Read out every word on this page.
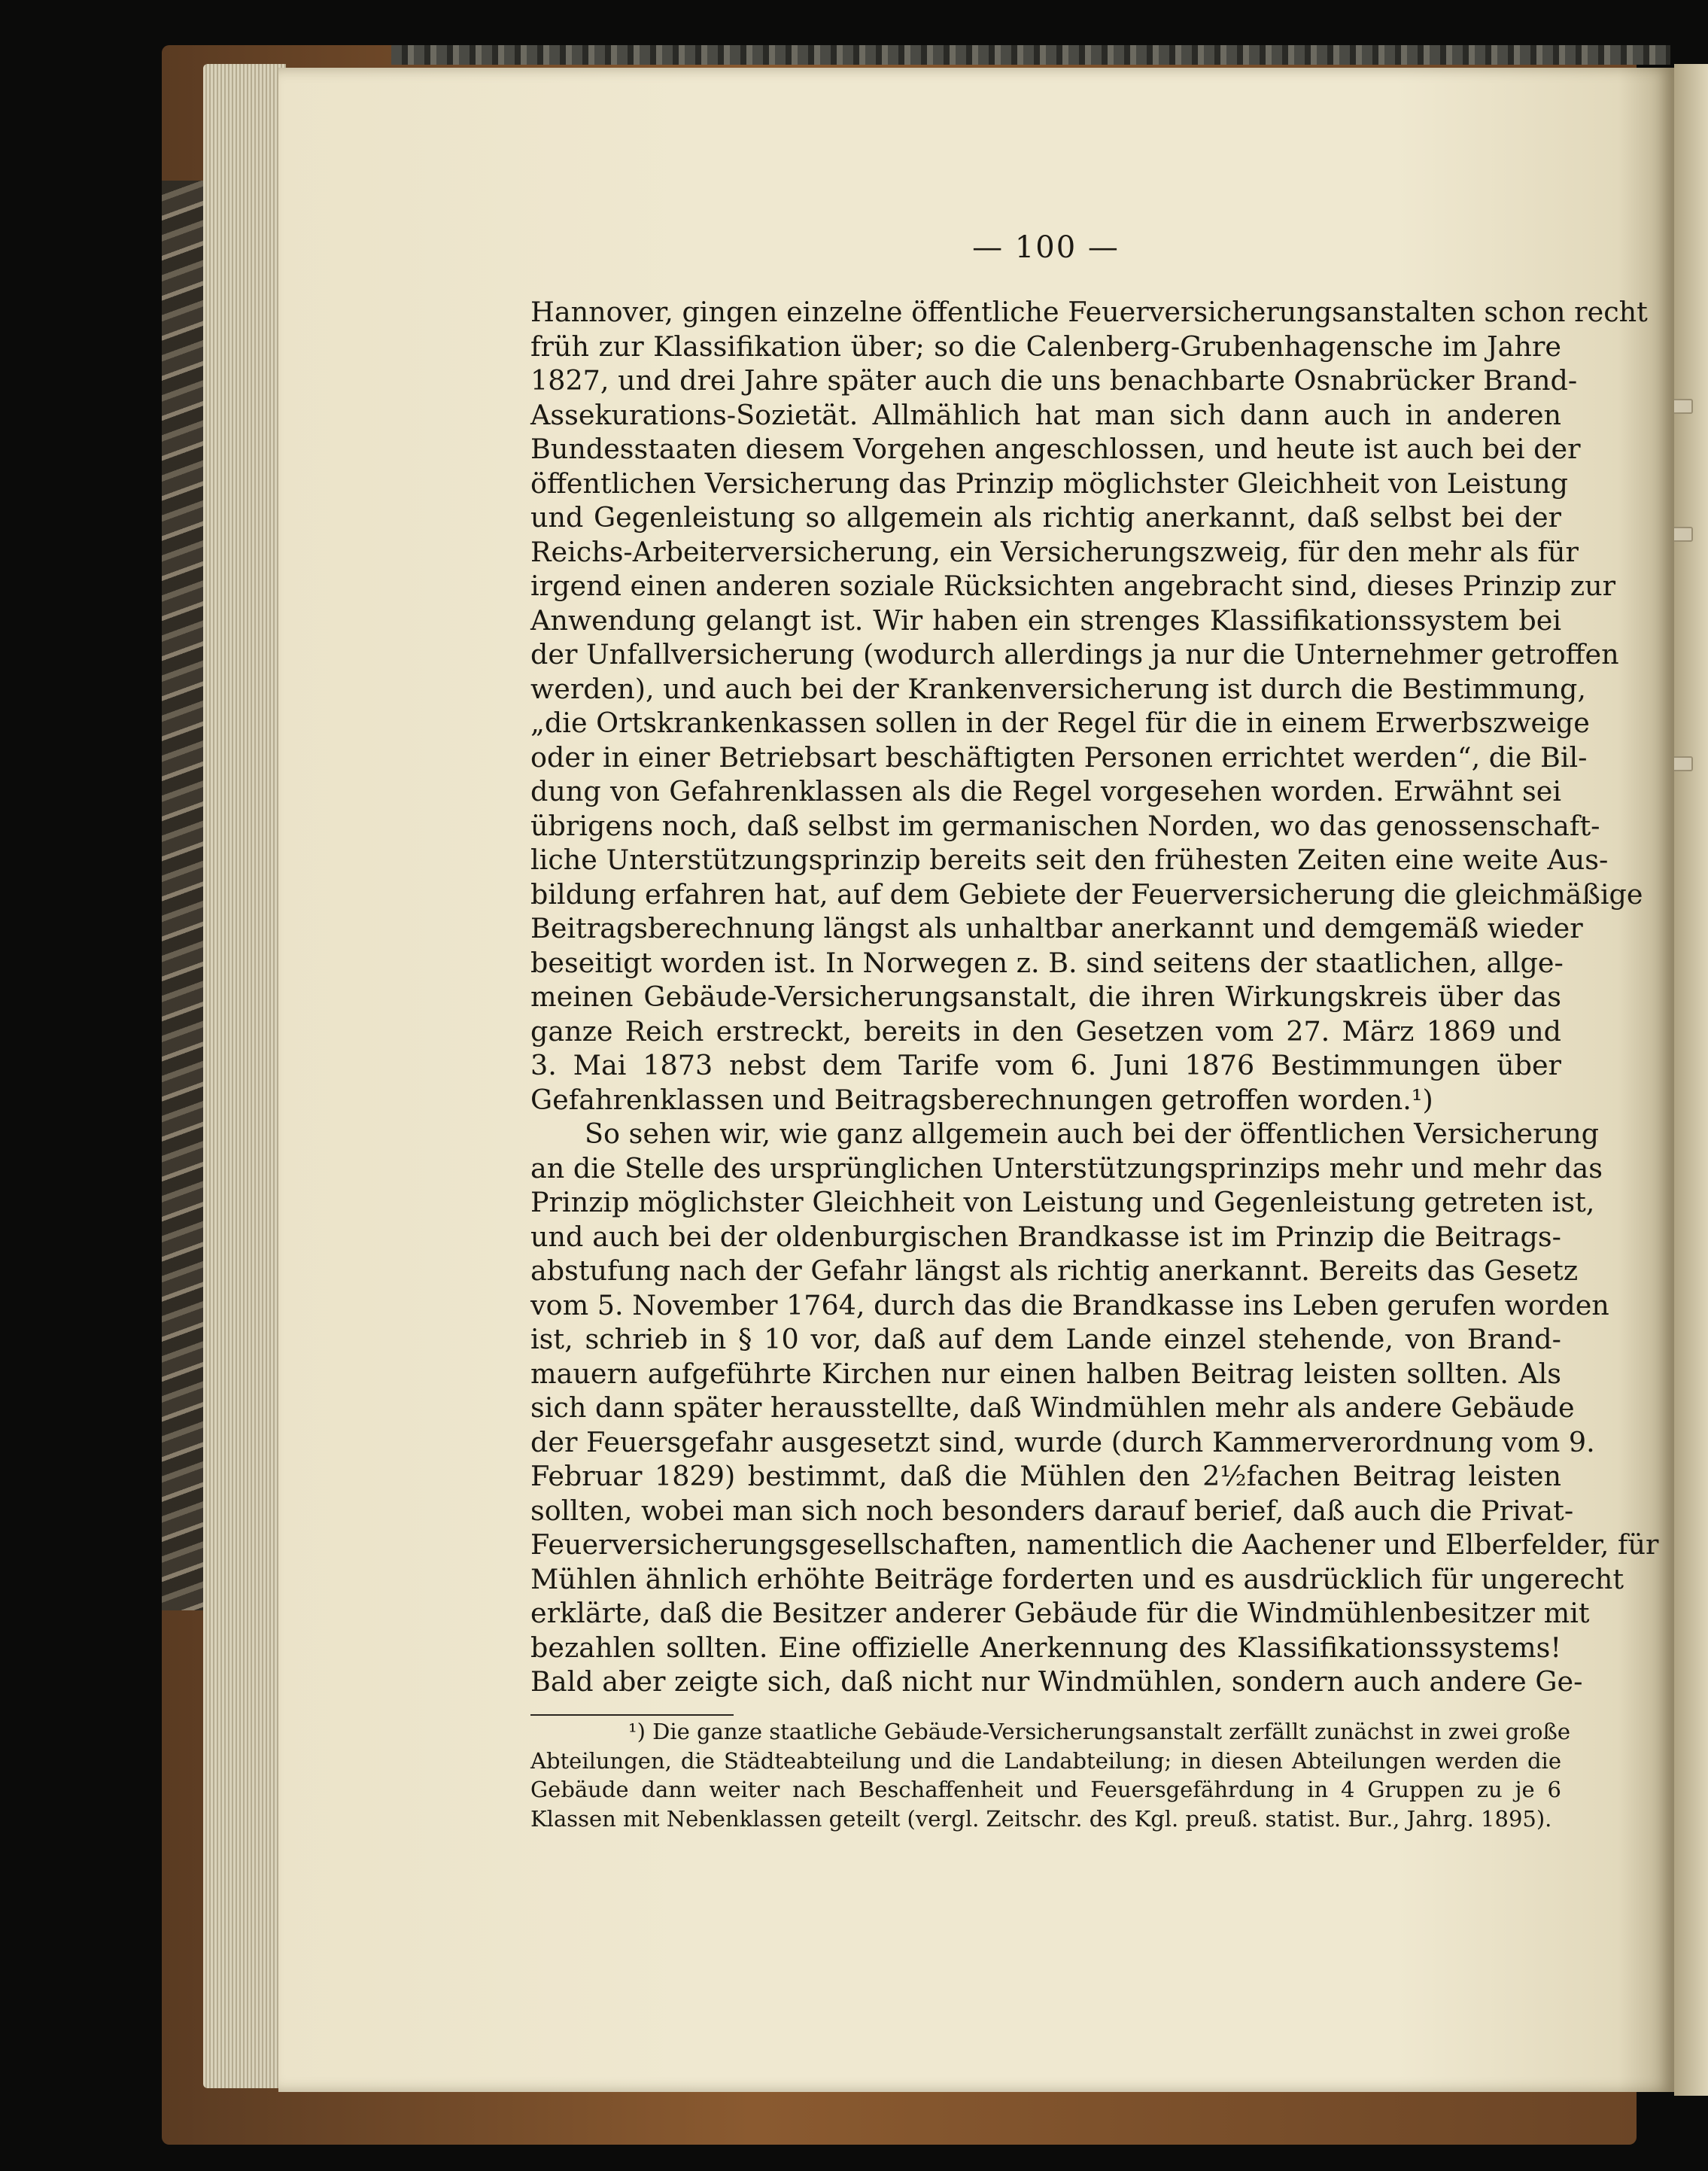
— 100 —
Hannover, gingen einzelne öffentliche Feuerversicherungsanstalten schon recht
früh zur Klassifikation über; so die Calenberg-Grubenhagensche im Jahre
1827, und drei Jahre später auch die uns benachbarte Osnabrücker Brand-
Assekurations-Sozietät. Allmählich hat man sich dann auch in anderen
Bundesstaaten diesem Vorgehen angeschlossen, und heute ist auch bei der
öffentlichen Versicherung das Prinzip möglichster Gleichheit von Leistung
und Gegenleistung so allgemein als richtig anerkannt, daß selbst bei der
Reichs-Arbeiterversicherung, ein Versicherungszweig, für den mehr als für
irgend einen anderen soziale Rücksichten angebracht sind, dieses Prinzip zur
Anwendung gelangt ist. Wir haben ein strenges Klassifikationssystem bei
der Unfallversicherung (wodurch allerdings ja nur die Unternehmer getroffen
werden), und auch bei der Krankenversicherung ist durch die Bestimmung,
„die Ortskrankenkassen sollen in der Regel für die in einem Erwerbszweige
oder in einer Betriebsart beschäftigten Personen errichtet werden“, die Bil-
dung von Gefahrenklassen als die Regel vorgesehen worden. Erwähnt sei
übrigens noch, daß selbst im germanischen Norden, wo das genossenschaft-
liche Unterstützungsprinzip bereits seit den frühesten Zeiten eine weite Aus-
bildung erfahren hat, auf dem Gebiete der Feuerversicherung die gleichmäßige
Beitragsberechnung längst als unhaltbar anerkannt und demgemäß wieder
beseitigt worden ist. In Norwegen z. B. sind seitens der staatlichen, allge-
meinen Gebäude-Versicherungsanstalt, die ihren Wirkungskreis über das
ganze Reich erstreckt, bereits in den Gesetzen vom 27. März 1869 und
3. Mai 1873 nebst dem Tarife vom 6. Juni 1876 Bestimmungen über
Gefahrenklassen und Beitragsberechnungen getroffen worden.¹)
So sehen wir, wie ganz allgemein auch bei der öffentlichen Versicherung
an die Stelle des ursprünglichen Unterstützungsprinzips mehr und mehr das
Prinzip möglichster Gleichheit von Leistung und Gegenleistung getreten ist,
und auch bei der oldenburgischen Brandkasse ist im Prinzip die Beitrags-
abstufung nach der Gefahr längst als richtig anerkannt. Bereits das Gesetz
vom 5. November 1764, durch das die Brandkasse ins Leben gerufen worden
ist, schrieb in § 10 vor, daß auf dem Lande einzel stehende, von Brand-
mauern aufgeführte Kirchen nur einen halben Beitrag leisten sollten. Als
sich dann später herausstellte, daß Windmühlen mehr als andere Gebäude
der Feuersgefahr ausgesetzt sind, wurde (durch Kammerverordnung vom 9.
Februar 1829) bestimmt, daß die Mühlen den 2½fachen Beitrag leisten
sollten, wobei man sich noch besonders darauf berief, daß auch die Privat-
Feuerversicherungsgesellschaften, namentlich die Aachener und Elberfelder, für
Mühlen ähnlich erhöhte Beiträge forderten und es ausdrücklich für ungerecht
erklärte, daß die Besitzer anderer Gebäude für die Windmühlenbesitzer mit
bezahlen sollten. Eine offizielle Anerkennung des Klassifikationssystems!
Bald aber zeigte sich, daß nicht nur Windmühlen, sondern auch andere Ge-
¹) Die ganze staatliche Gebäude-Versicherungsanstalt zerfällt zunächst in zwei große
Abteilungen, die Städteabteilung und die Landabteilung; in diesen Abteilungen werden die
Gebäude dann weiter nach Beschaffenheit und Feuersgefährdung in 4 Gruppen zu je 6
Klassen mit Nebenklassen geteilt (vergl. Zeitschr. des Kgl. preuß. statist. Bur., Jahrg. 1895).
